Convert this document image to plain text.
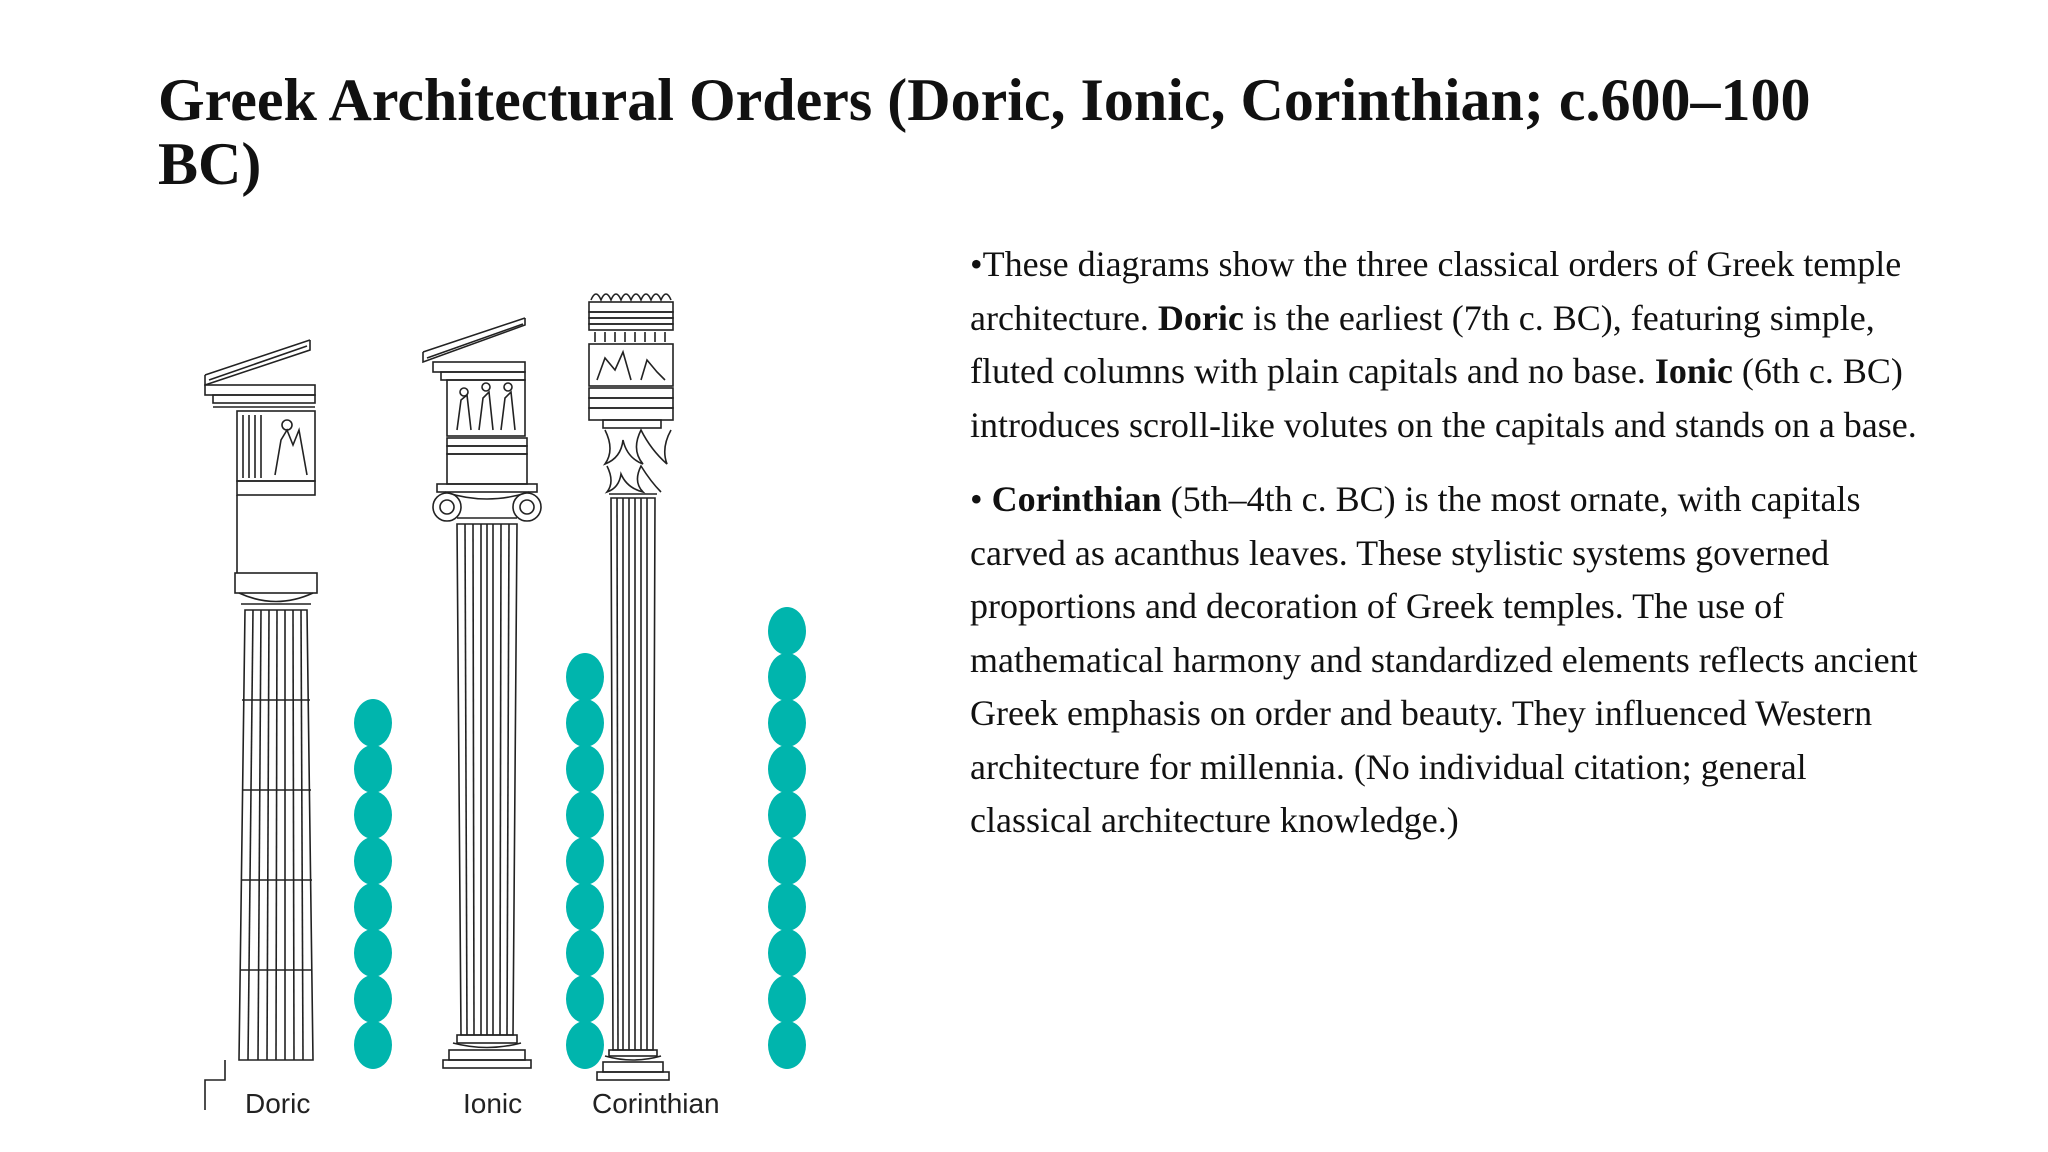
Greek Architectural Orders (Doric, Ionic, Corinthian; c.600–100 BC)
Doric	Ionic Corinthian

•These diagrams show the three classical orders of Greek temple architecture. Doric is the earliest (7th c. BC), featuring simple, fluted columns with plain capitals and no base. Ionic (6th c. BC) introduces scroll-like volutes on the capitals and stands on a base.

• Corinthian (5th–4th c. BC) is the most ornate, with capitals carved as acanthus leaves. These stylistic systems governed proportions and decoration of Greek temples. The use of mathematical harmony and standardized elements reflects ancient Greek emphasis on order and beauty. They influenced Western architecture for millennia. (No individual citation; general classical architecture knowledge.)
